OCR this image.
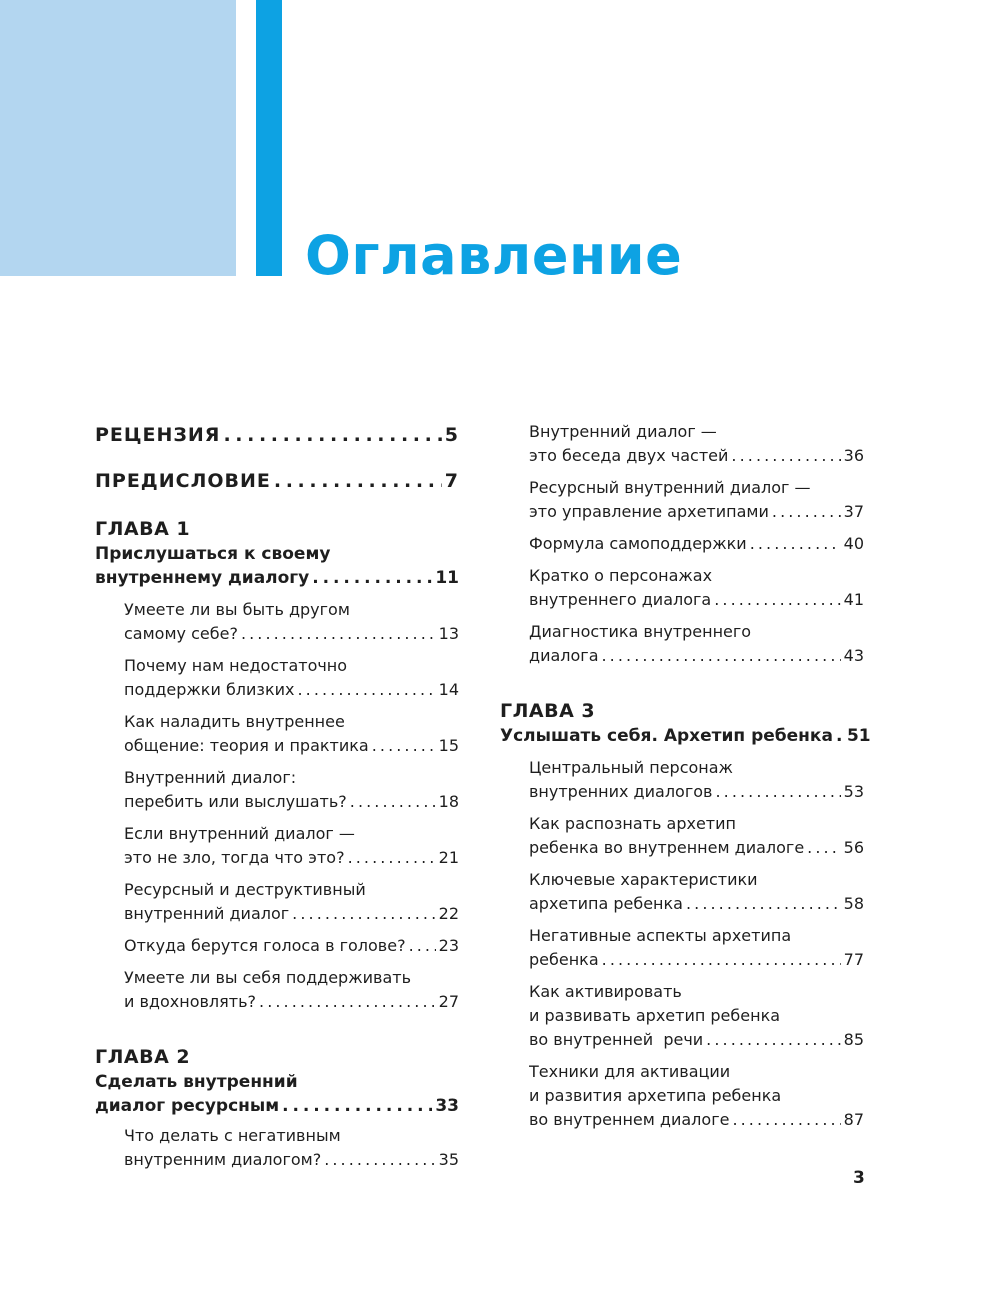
Оглавление
РЕЦЕНЗИЯ . . .	5
ПРЕДИСЛОВИЕ . . .	7
ГЛАВА 1
Прислушаться к своему
внутреннему диалогу . . .	11
Умеете ли вы быть другом
самому себе? . . .	13
Почему нам недостаточно
поддержки близких . . .	14
Как наладить внутреннее
общение: теория и практика . . .	15
Внутренний диалог:
перебить или выслушать? . . .	18
Если внутренний диалог —
это не зло, тогда что это? . . .	21
Ресурсный и деструктивный
внутренний диалог . . .	22
Откуда берутся голоса в голове? . . . 23
Умеете ли вы себя поддерживать
и вдохновлять? . . .	27
ГЛАВА 2
Сделать внутренний
диалог ресурсным . . .	33
Что делать с негативным
внутренним диалогом? . . .	35
Внутренний диалог —
это беседа двух частей . . .	36
Ресурсный внутренний диалог —
это управление архетипами . . .	37
Формула самоподдержки . . .	40
Кратко о персонажах
внутреннего диалога . . .	41
Диагностика внутреннего
диалога . . .	43
ГЛАВА 3
Услышать себя. Архетип ребенка . . . 51
Центральный персонаж
внутренних диалогов . . .	53
Как распознать архетип
ребенка во внутреннем диалоге . . . 56
Ключевые характеристики
архетипа ребенка . . .	58
Негативные аспекты архетипа
ребенка . . .	77
Как активировать
и развивать архетип ребенка
во внутренней  речи . . .	85
Техники для активации
и развития архетипа ребенка
во внутреннем диалоге . . .	87
3
